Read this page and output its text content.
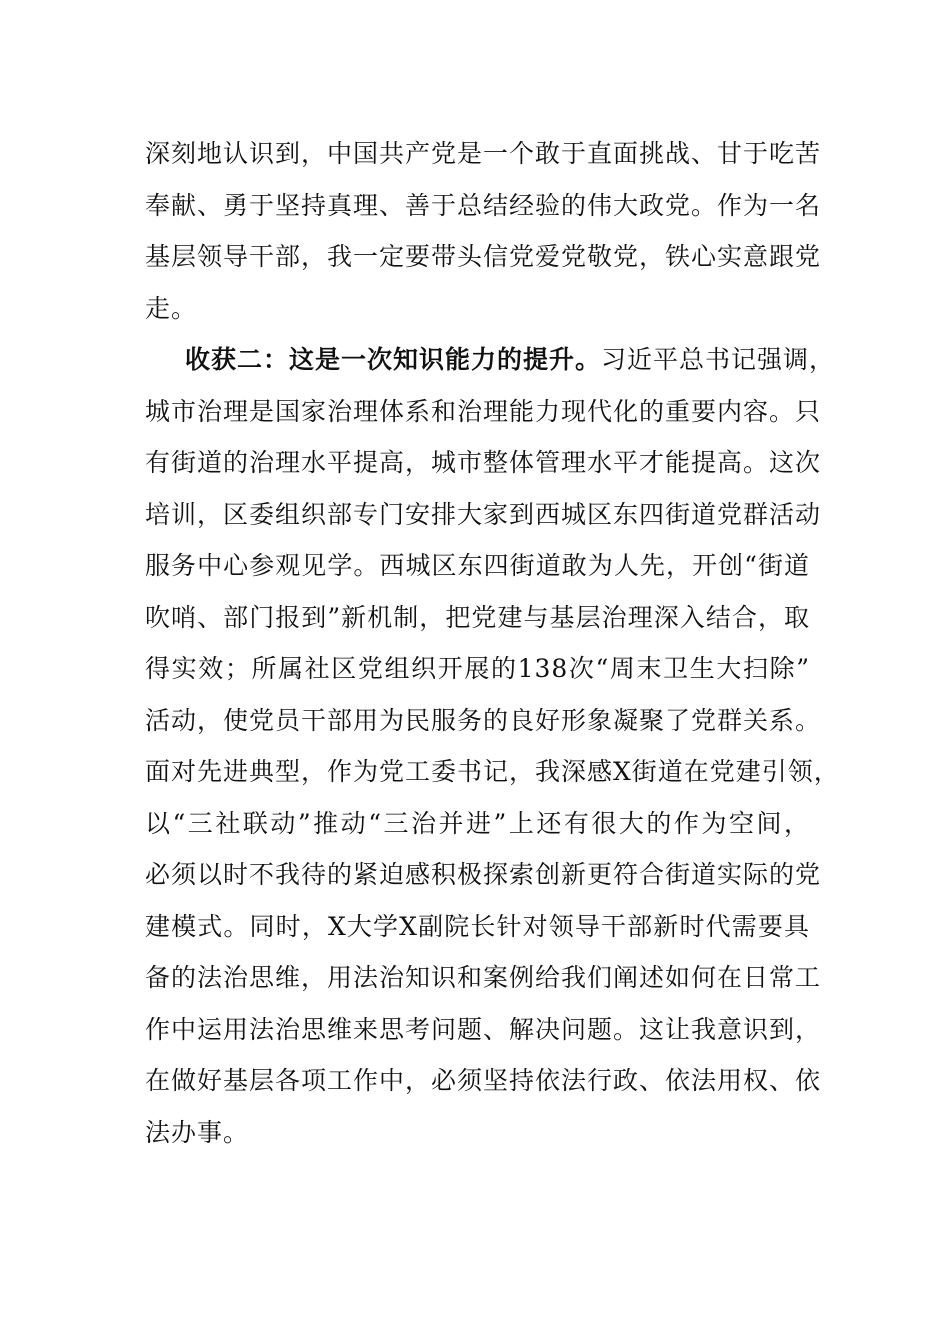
深刻地认识到，中国共产党是一个敢于直面挑战、甘于吃苦
奉献、勇于坚持真理、善于总结经验的伟大政党。作为一名
基层领导干部，我一定要带头信党爱党敬党，铁心实意跟党
走。
收获二：这是一次知识能力的提升。习近平总书记强调，
城市治理是国家治理体系和治理能力现代化的重要内容。只
有街道的治理水平提高，城市整体管理水平才能提高。这次
培训，区委组织部专门安排大家到西城区东四街道党群活动
服务中心参观见学。西城区东四街道敢为人先，开创“街道
吹哨、部门报到”新机制，把党建与基层治理深入结合，取
得实效；所属社区党组织开展的138次“周末卫生大扫除”
活动，使党员干部用为民服务的良好形象凝聚了党群关系。
面对先进典型，作为党工委书记，我深感X街道在党建引领，
以“三社联动”推动“三治并进”上还有很大的作为空间，
必须以时不我待的紧迫感积极探索创新更符合街道实际的党
建模式。同时，X大学X副院长针对领导干部新时代需要具
备的法治思维，用法治知识和案例给我们阐述如何在日常工
作中运用法治思维来思考问题、解决问题。这让我意识到，
在做好基层各项工作中，必须坚持依法行政、依法用权、依
法办事。
